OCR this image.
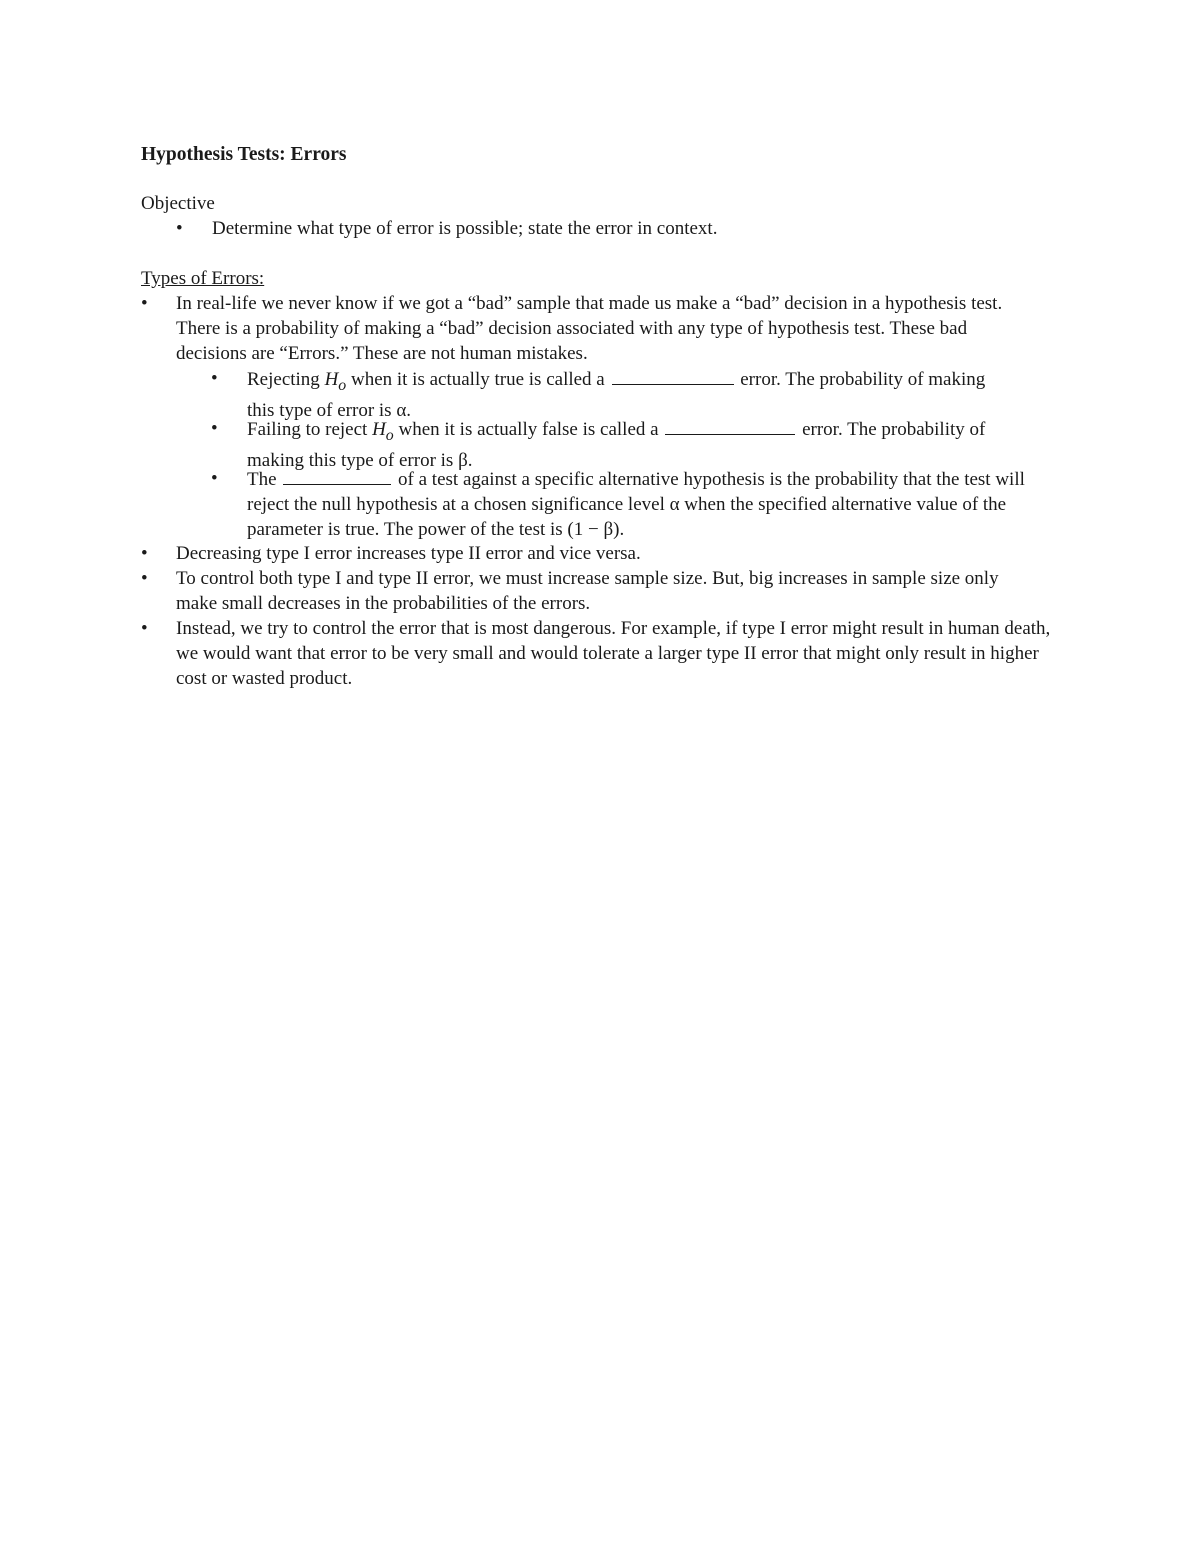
Hypothesis Tests: Errors

Objective

•	Determine what type of error is possible; state the error in context.

Types of Errors:

•	In real-life we never know if we got a “bad” sample that made us make a “bad” decision in a hypothesis test. There is a probability of making a “bad” decision associated with any type of hypothesis test. These bad decisions are “Errors.” These are not human mistakes.
•	Rejecting $H_o$ when it is actually true is called a	error. The probability of making this type of error is α.
•	Failing to reject $H_o$ when it is actually false is called a	error. The probability of making this type of error is β.
•	The	of a test against a specific alternative hypothesis is the probability that the test will reject the null hypothesis at a chosen significance level α when the specified alternative value of the parameter is true. The power of the test is (1 − β).
•	Decreasing type I error increases type II error and vice versa.
•	To control both type I and type II error, we must increase sample size. But, big increases in sample size only make small decreases in the probabilities of the errors.
•	Instead, we try to control the error that is most dangerous. For example, if type I error might result in human death, we would want that error to be very small and would tolerate a larger type II error that might only result in higher cost or wasted product.
